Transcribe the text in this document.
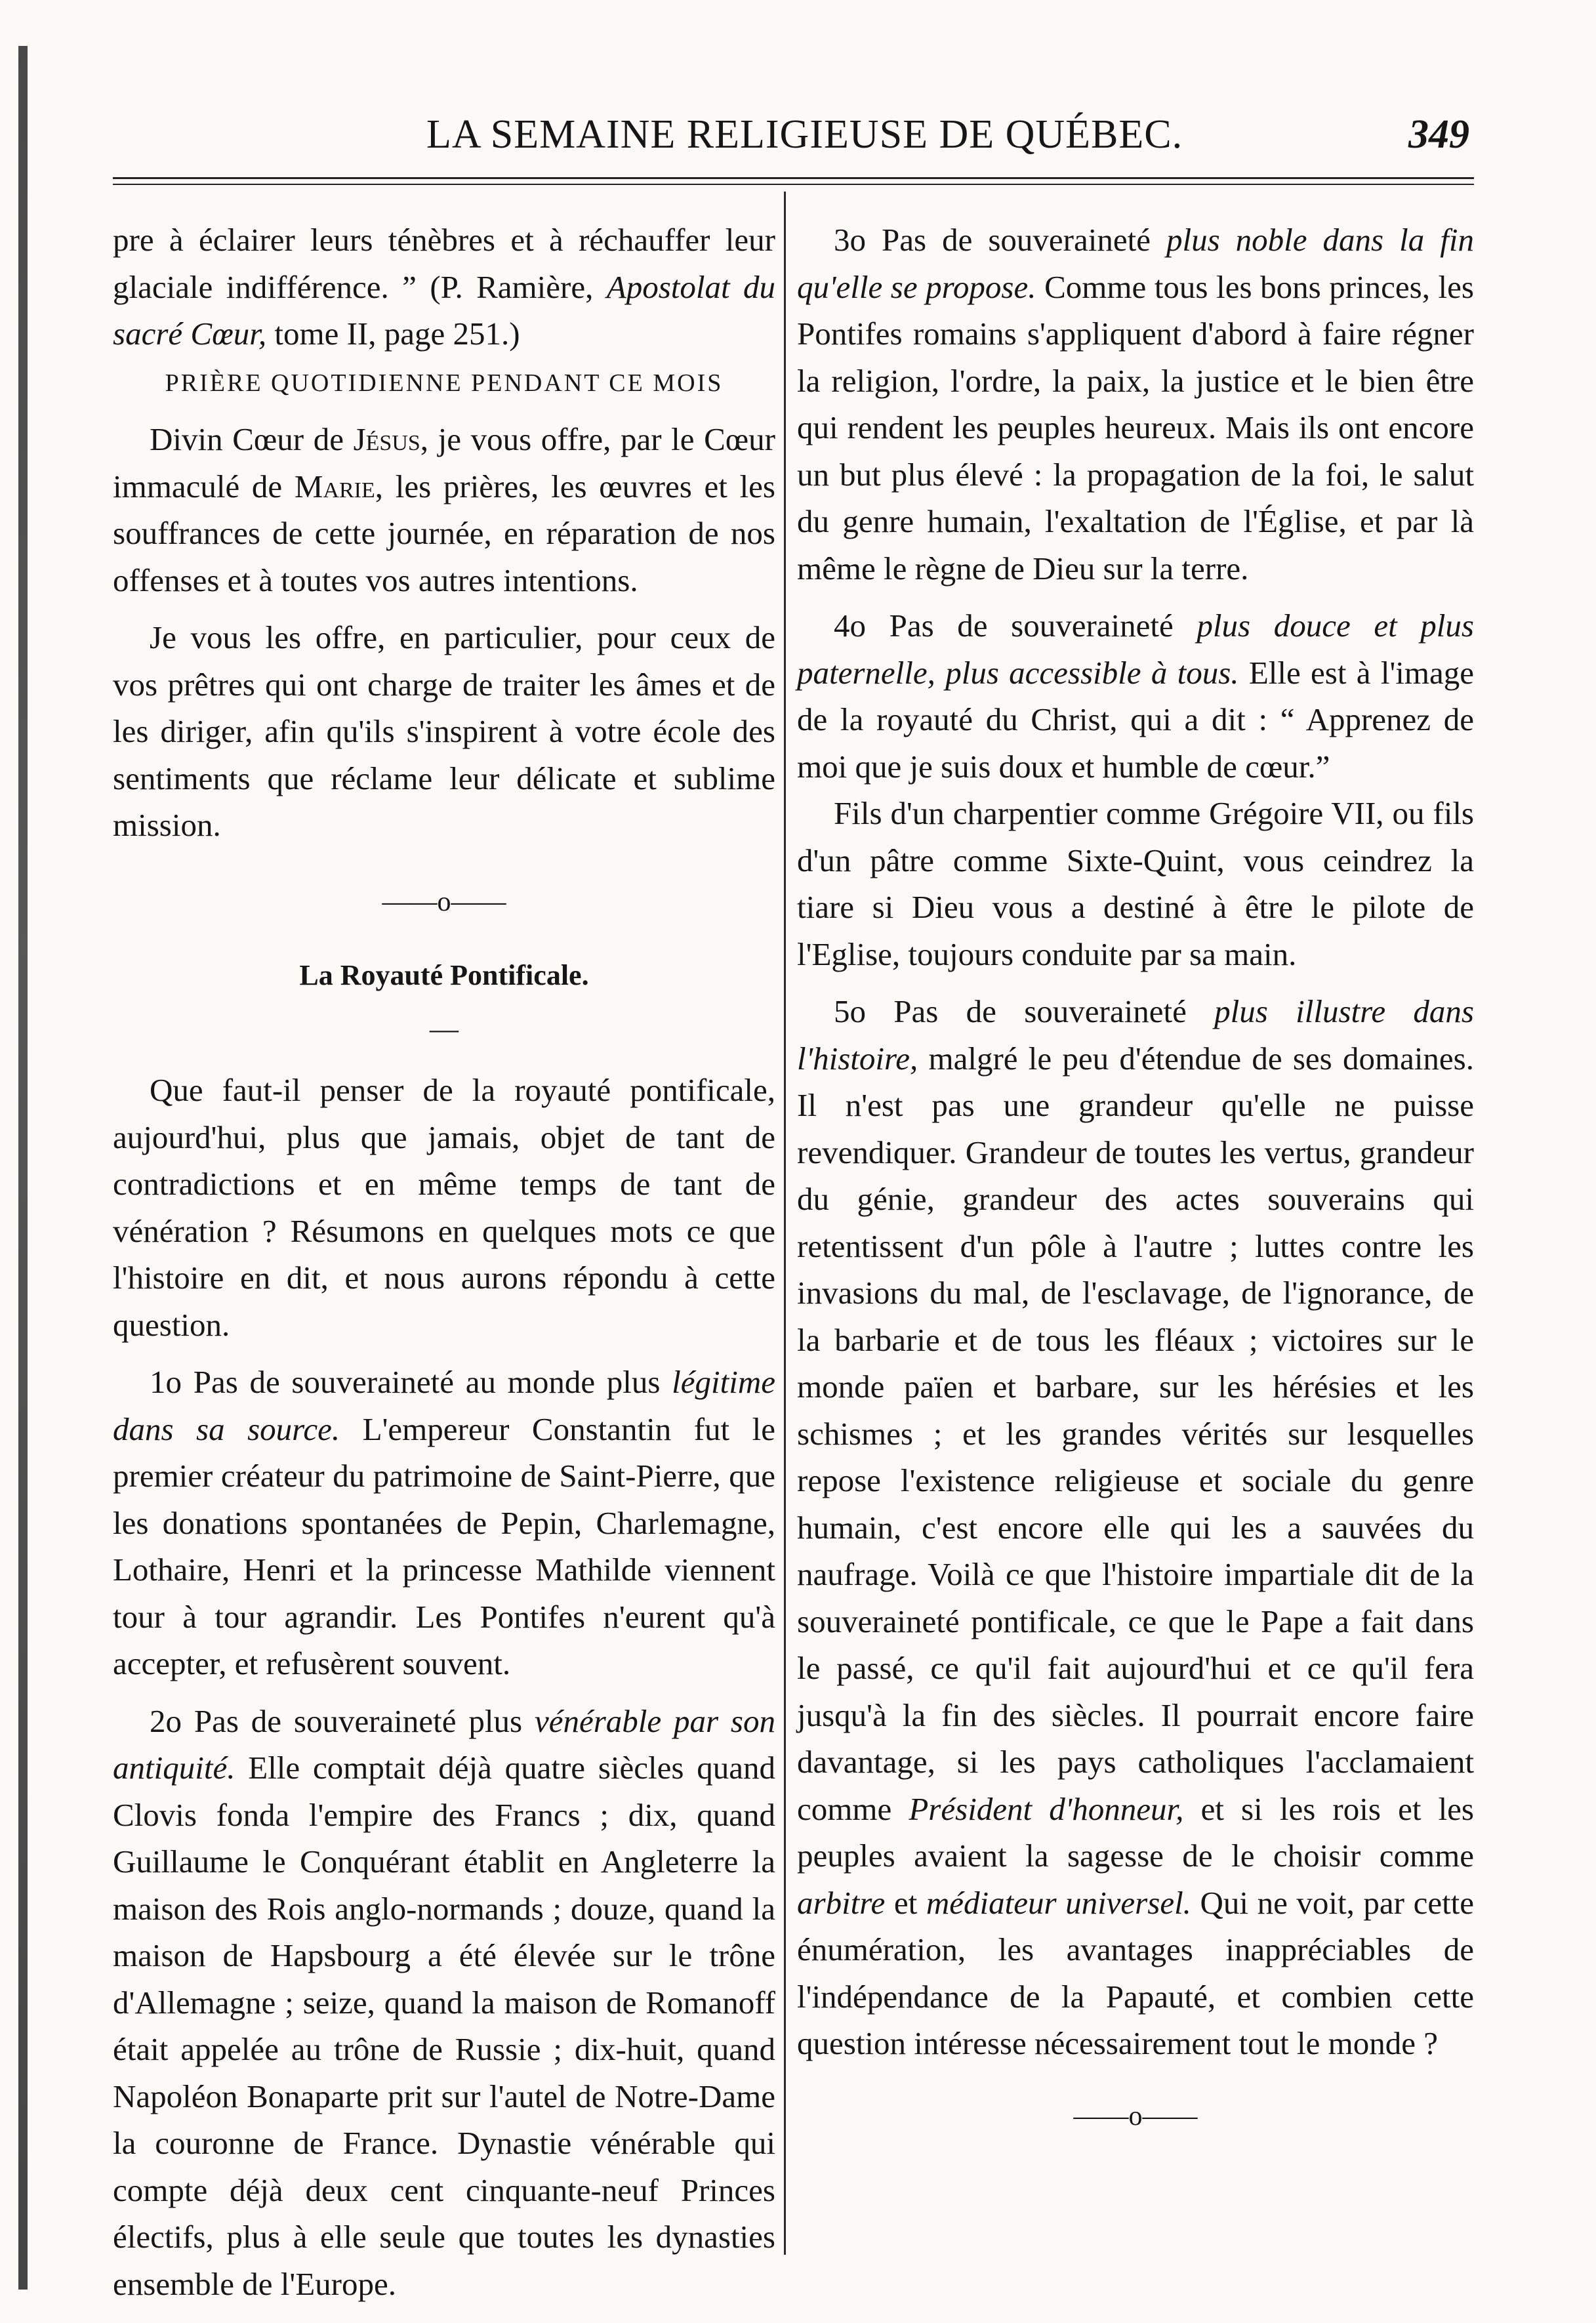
LA SEMAINE RELIGIEUSE DE QUÉBEC.	349

pre à éclairer leurs ténèbres et à réchauffer leur glaciale indifférence. ” (P. Ramière, Apostolat du sacré Cœur, tome II, page 251.)

PRIÈRE QUOTIDIENNE PENDANT CE MOIS

Divin Cœur de Jésus, je vous offre, par le Cœur immaculé de Marie, les prières, les œuvres et les souffrances de cette journée, en réparation de nos offenses et à toutes vos autres intentions.

Je vous les offre, en particulier, pour ceux de vos prêtres qui ont charge de traiter les âmes et de les diriger, afin qu'ils s'inspirent à votre école des sentiments que réclame leur délicate et sublime mission.

——o——
La Royauté Pontificale.
—

Que faut-il penser de la royauté pontificale, aujourd'hui, plus que jamais, objet de tant de contradictions et en même temps de tant de vénération ? Résumons en quelques mots ce que l'histoire en dit, et nous aurons répondu à cette question.

1o Pas de souveraineté au monde plus légitime dans sa source. L'empereur Constantin fut le premier créateur du patrimoine de Saint-Pierre, que les donations spontanées de Pepin, Charlemagne, Lothaire, Henri et la princesse Mathilde viennent tour à tour agrandir. Les Pontifes n'eurent qu'à accepter, et refusèrent souvent.

2o Pas de souveraineté plus vénérable par son antiquité. Elle comptait déjà quatre siècles quand Clovis fonda l'empire des Francs ; dix, quand Guillaume le Conquérant établit en Angleterre la maison des Rois anglo-normands ; douze, quand la maison de Hapsbourg a été élevée sur le trône d'Allemagne ; seize, quand la maison de Romanoff était appelée au trône de Russie ; dix-huit, quand Napoléon Bonaparte prit sur l'autel de Notre-Dame la couronne de France. Dynastie vénérable qui compte déjà deux cent cinquante-neuf Princes électifs, plus à elle seule que toutes les dynasties ensemble de l'Europe.

3o Pas de souveraineté plus noble dans la fin qu'elle se propose. Comme tous les bons princes, les Pontifes romains s'appliquent d'abord à faire régner la religion, l'ordre, la paix, la justice et le bien être qui rendent les peuples heureux. Mais ils ont encore un but plus élevé : la propagation de la foi, le salut du genre humain, l'exaltation de l'Église, et par là même le règne de Dieu sur la terre.

4o Pas de souveraineté plus douce et plus paternelle, plus accessible à tous. Elle est à l'image de la royauté du Christ, qui a dit : “ Apprenez de moi que je suis doux et humble de cœur.”

Fils d'un charpentier comme Grégoire VII, ou fils d'un pâtre comme Sixte-Quint, vous ceindrez la tiare si Dieu vous a destiné à être le pilote de l'Eglise, toujours conduite par sa main.

5o Pas de souveraineté plus illustre dans l'histoire, malgré le peu d'étendue de ses domaines. Il n'est pas une grandeur qu'elle ne puisse revendiquer. Grandeur de toutes les vertus, grandeur du génie, grandeur des actes souverains qui retentissent d'un pôle à l'autre ; luttes contre les invasions du mal, de l'esclavage, de l'ignorance, de la barbarie et de tous les fléaux ; victoires sur le monde païen et barbare, sur les hérésies et les schismes ; et les grandes vérités sur lesquelles repose l'existence religieuse et sociale du genre humain, c'est encore elle qui les a sauvées du naufrage. Voilà ce que l'histoire impartiale dit de la souveraineté pontificale, ce que le Pape a fait dans le passé, ce qu'il fait aujourd'hui et ce qu'il fera jusqu'à la fin des siècles. Il pourrait encore faire davantage, si les pays catholiques l'acclamaient comme Président d'honneur, et si les rois et les peuples avaient la sagesse de le choisir comme arbitre et médiateur universel. Qui ne voit, par cette énumération, les avantages inappréciables de l'indépendance de la Papauté, et combien cette question intéresse nécessairement tout le monde ?

——o——
